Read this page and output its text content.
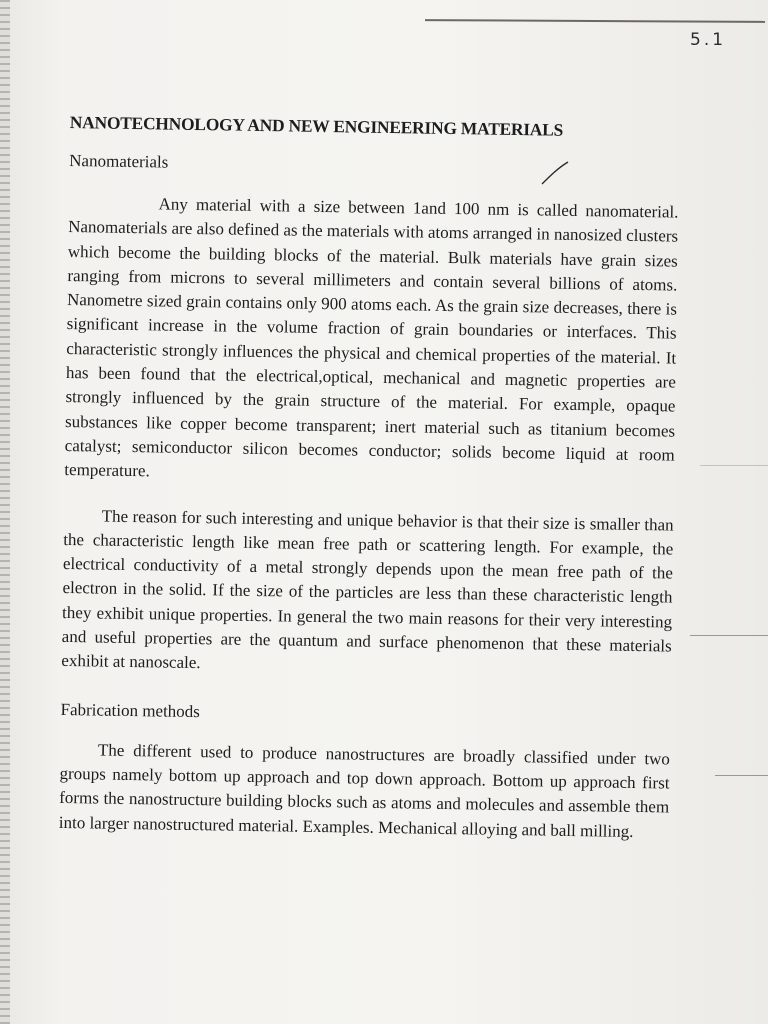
5.1
NANOTECHNOLOGY AND NEW ENGINEERING MATERIALS
Nanomaterials

Any material with a size between 1and 100 nm is called nanomaterial. Nanomaterials are also defined as the materials with atoms arranged in nanosized clusters which become the building blocks of the material. Bulk materials have grain sizes ranging from microns to several millimeters and contain several billions of atoms. Nanometre sized grain contains only 900 atoms each. As the grain size decreases, there is significant increase in the volume fraction of grain boundaries or interfaces. This characteristic strongly influences the physical and chemical properties of the material. It has been found that the electrical,optical, mechanical and magnetic properties are strongly influenced by the grain structure of the material. For example, opaque substances like copper become transparent; inert material such as titanium becomes catalyst; semiconductor silicon becomes conductor; solids become liquid at room temperature.

The reason for such interesting and unique behavior is that their size is smaller than the characteristic length like mean free path or scattering length. For example, the electrical conductivity of a metal strongly depends upon the mean free path of the electron in the solid. If the size of the particles are less than these characteristic length they exhibit unique properties. In general the two main reasons for their very interesting and useful properties are the quantum and surface phenomenon that these materials exhibit at nanoscale.

Fabrication methods

The different used to produce nanostructures are broadly classified under two groups namely bottom up approach and top down approach. Bottom up approach first forms the nanostructure building blocks such as atoms and molecules and assemble them into larger nanostructured material. Examples. Mechanical alloying and ball milling.
